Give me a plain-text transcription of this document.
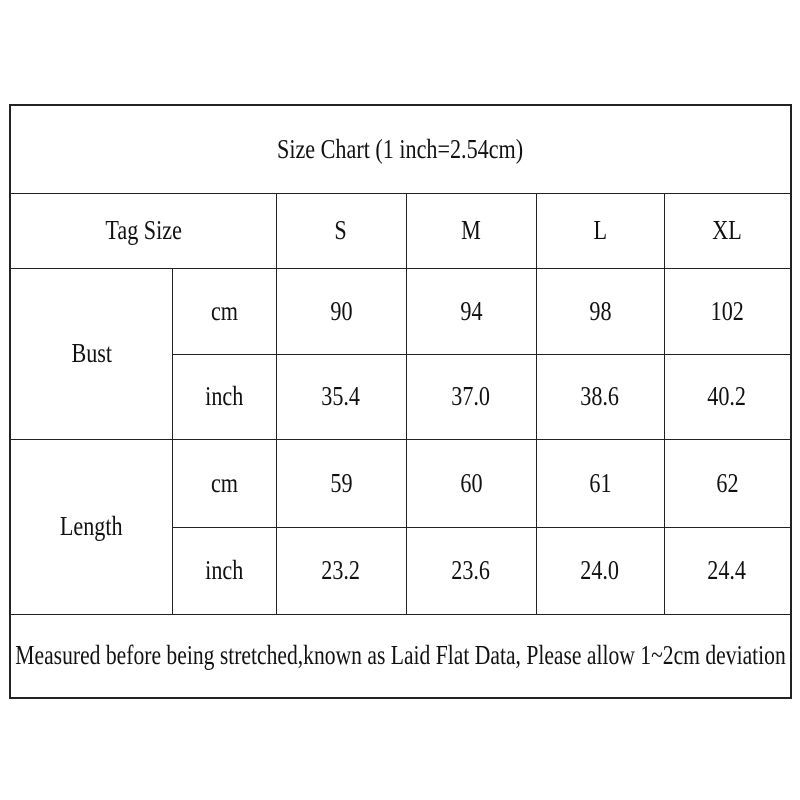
Size Chart (1 inch=2.54cm)
Tag Size	S	M	L	XL
Bust
cm	90	94	98	102
inch	35.4	37.0	38.6	40.2
Length
cm	59	60	61	62
inch	23.2	23.6	24.0	24.4
Measured before being stretched,known as Laid Flat Data, Please allow 1~2cm deviation
